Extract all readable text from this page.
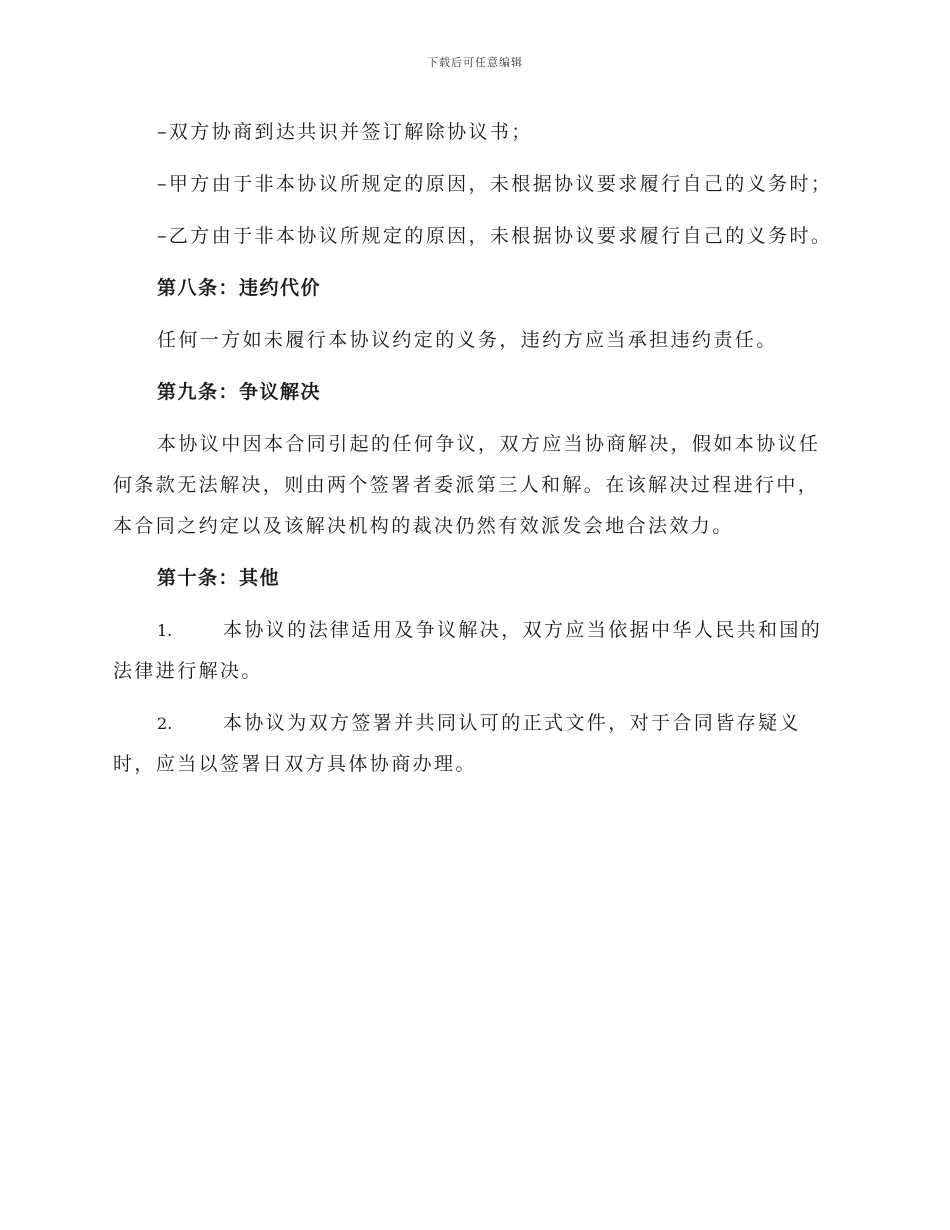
下载后可任意编辑

–双方协商到达共识并签订解除协议书；

–甲方由于非本协议所规定的原因，未根据协议要求履行自己的义务时；

–乙方由于非本协议所规定的原因，未根据协议要求履行自己的义务时。

第八条：违约代价

任何一方如未履行本协议约定的义务，违约方应当承担违约责任。

第九条：争议解决

本协议中因本合同引起的任何争议，双方应当协商解决，假如本协议任何条款无法解决，则由两个签署者委派第三人和解。在该解决过程进行中，本合同之约定以及该解决机构的裁决仍然有效派发会地合法效力。

第十条：其他

1.	本协议的法律适用及争议解决，双方应当依据中华人民共和国的法律进行解决。

2.	本协议为双方签署并共同认可的正式文件，对于合同皆存疑义时，应当以签署日双方具体协商办理。
